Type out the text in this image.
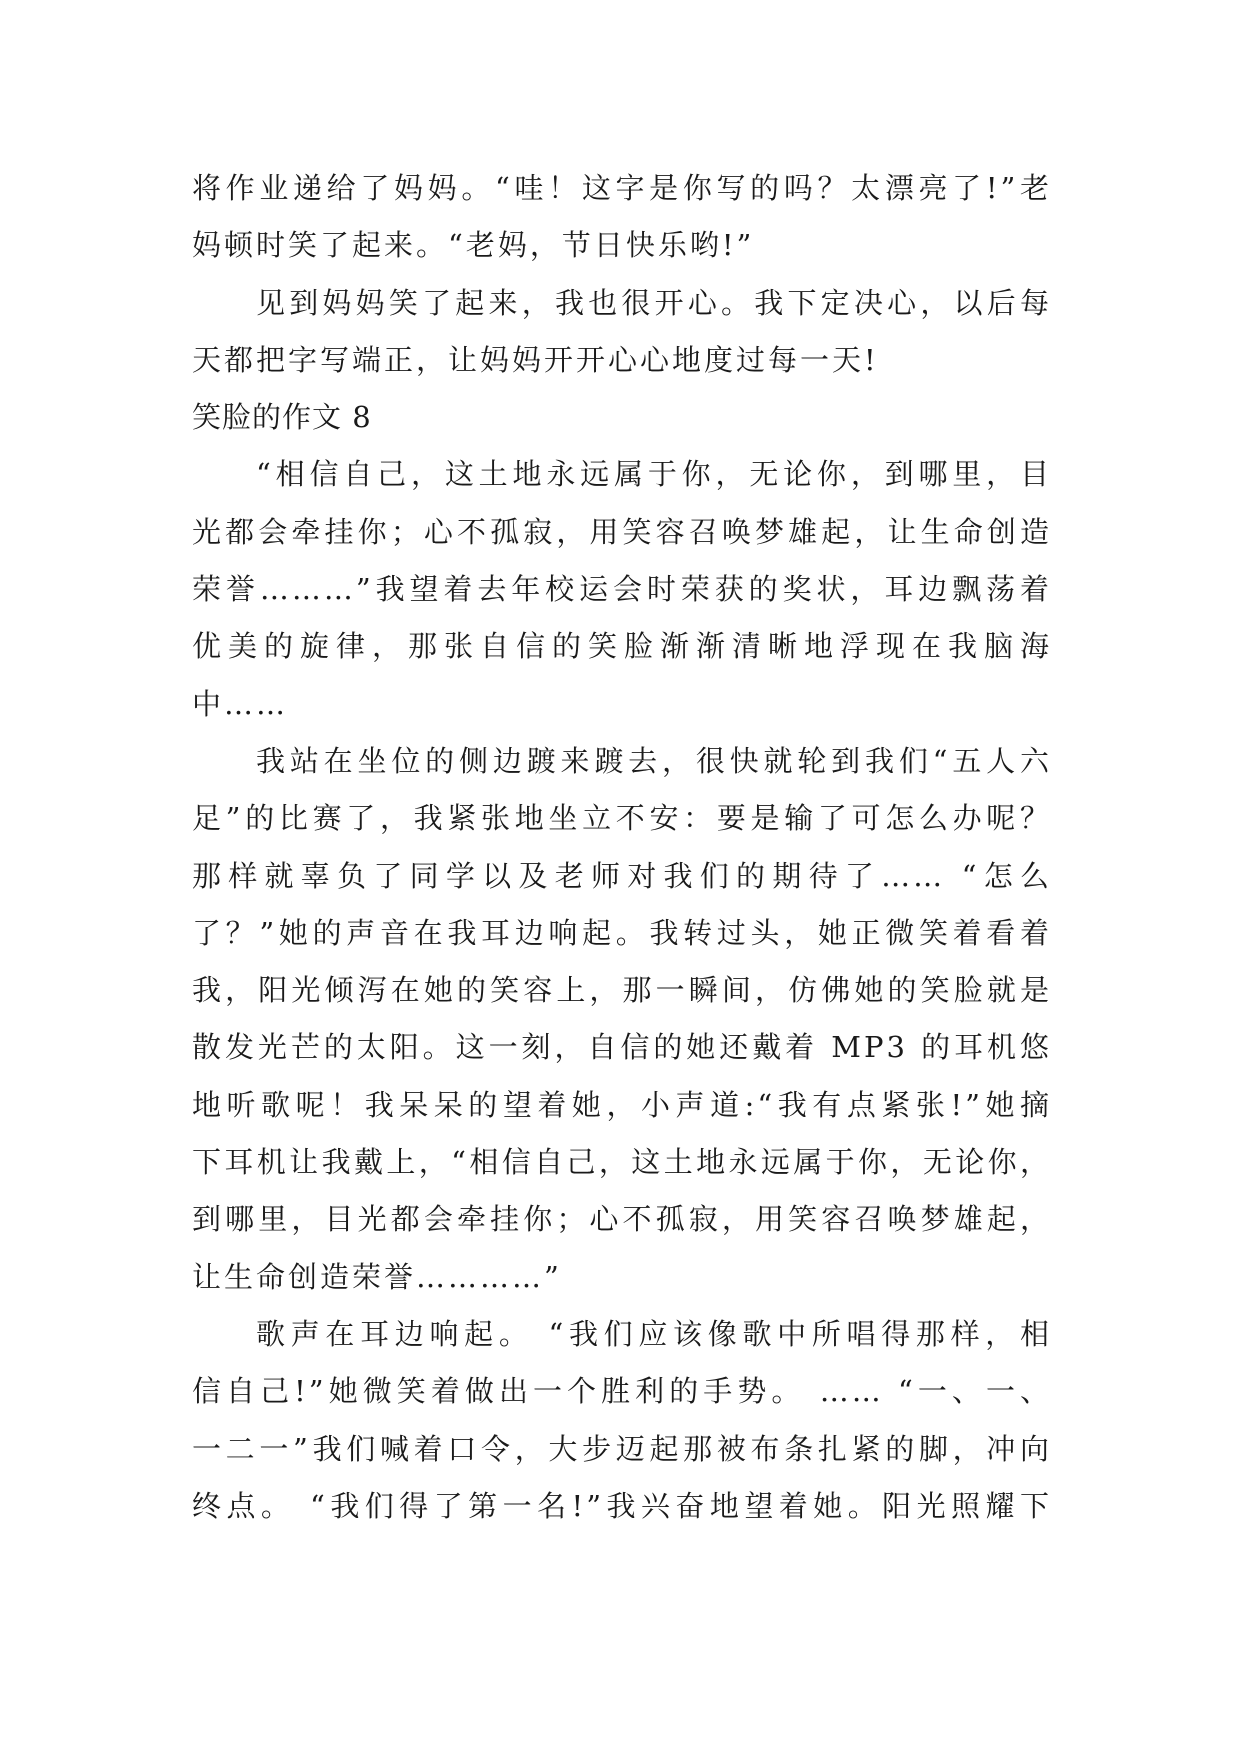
将作业递给了妈妈。“哇！这字是你写的吗？太漂亮了!”老
妈顿时笑了起来。“老妈，节日快乐哟!”
见到妈妈笑了起来，我也很开心。我下定决心，以后每
天都把字写端正，让妈妈开开心心地度过每一天!
笑脸的作文 8
“相信自己，这土地永远属于你，无论你，到哪里，目
光都会牵挂你；心不孤寂，用笑容召唤梦雄起，让生命创造
荣誉………”我望着去年校运会时荣获的奖状，耳边飘荡着
优美的旋律，那张自信的笑脸渐渐清晰地浮现在我脑海
中……
我站在坐位的侧边踱来踱去，很快就轮到我们“五人六
足”的比赛了，我紧张地坐立不安：要是输了可怎么办呢？
那样就辜负了同学以及老师对我们的期待了…… “怎么
了？”她的声音在我耳边响起。我转过头，她正微笑着看着
我，阳光倾泻在她的笑容上，那一瞬间，仿佛她的笑脸就是
散发光芒的太阳。这一刻，自信的她还戴着 MP3 的耳机悠
地听歌呢！我呆呆的望着她，小声道:“我有点紧张!”她摘
下耳机让我戴上，“相信自己，这土地永远属于你，无论你，
到哪里，目光都会牵挂你；心不孤寂，用笑容召唤梦雄起，
让生命创造荣誉…………”
歌声在耳边响起。 “我们应该像歌中所唱得那样，相
信自己!”她微笑着做出一个胜利的手势。 …… “一、一、
一二一”我们喊着口令，大步迈起那被布条扎紧的脚，冲向
终点。 “我们得了第一名!”我兴奋地望着她。阳光照耀下
